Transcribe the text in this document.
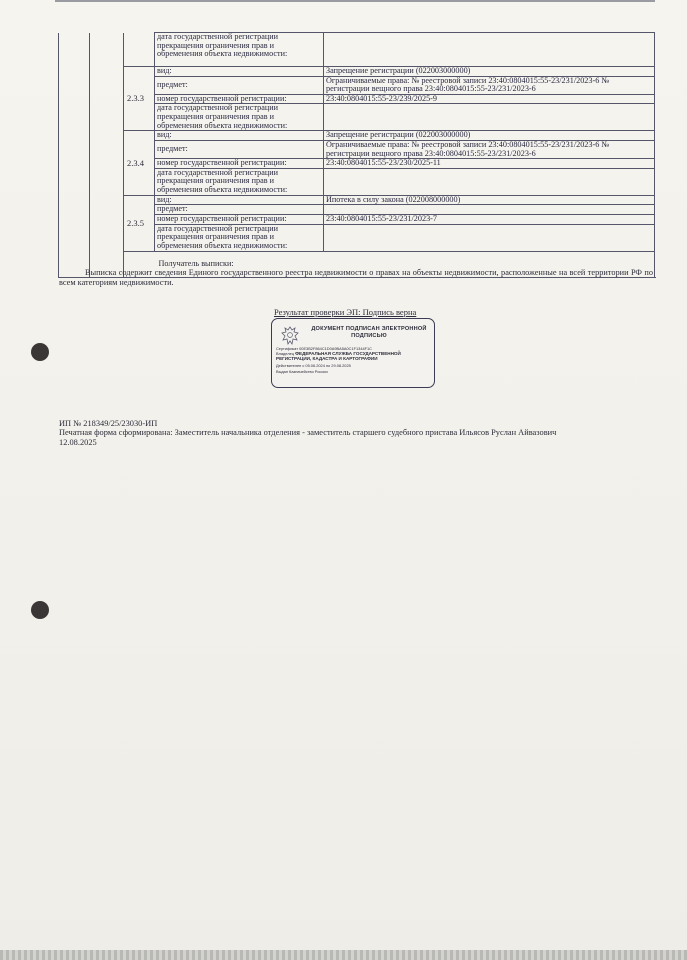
			дата государственной регистрации прекращения ограничения прав и обременения объекта недвижимости:		
		2.3.3	вид:	Запрещение регистрации (022003000000)	
			предмет:	Ограничиваемые права: № реестровой записи 23:40:0804015:55-23/231/2023-6 № регистрации вещного права 23:40:0804015:55-23/231/2023-6	
			номер государственной регистрации:	23:40:0804015:55-23/239/2025-9	
			дата государственной регистрации прекращения ограничения прав и обременения объекта недвижимости:		
		2.3.4	вид:	Запрещение регистрации (022003000000)	
			предмет:	Ограничиваемые права: № реестровой записи 23:40:0804015:55-23/231/2023-6 № регистрации вещного права 23:40:0804015:55-23/231/2023-6	
			номер государственной регистрации:	23:40:0804015:55-23/230/2025-11	
			дата государственной регистрации прекращения ограничения прав и обременения объекта недвижимости:		
		2.3.5	вид:	Ипотека в силу закона (022008000000)	
			предмет:		
			номер государственной регистрации:	23:40:0804015:55-23/231/2023-7	
			дата государственной регистрации прекращения ограничения прав и обременения объекта недвижимости:		
			Получатель выписки:	
Выписка содержит сведения Единого государственного реестра недвижимости о правах на объекты недвижимости, расположенные на всей территории РФ по всем категориям недвижимости.
Результат проверки ЭП: Подпись верна
ДОКУМЕНТ ПОДПИСАН ЭЛЕКТРОННОЙ ПОДПИСЬЮ
Сертификат 00E3B2F864C1D0A9BA5A0C1F1344F1C
Владелец ФЕДЕРАЛЬНАЯ СЛУЖБА ГОСУДАРСТВЕННОЙ
РЕГИСТРАЦИИ, КАДАСТРА И КАРТОГРАФИИ
Действителен с 05.06.2024 по 29.08.2025
Выдан Казначейство России
ИП № 218349/25/23030-ИП
Печатная форма сформирована: Заместитель начальника отделения - заместитель старшего судебного пристава Ильясов Руслан Айвазович
12.08.2025
